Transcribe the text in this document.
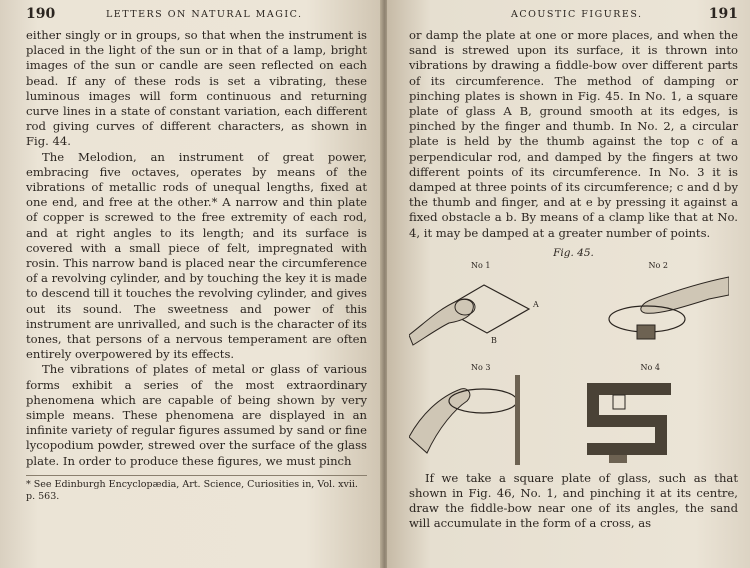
190	LETTERS ON NATURAL MAGIC.

either singly or in groups, so that when the instrument is placed in the light of the sun or in that of a lamp, bright images of the sun or candle are seen reflected on each bead. If any of these rods is set a vibrating, these luminous images will form continuous and returning curve lines in a state of constant variation, each different rod giving curves of different characters, as shown in Fig. 44.

The Melodion, an instrument of great power, embracing five octaves, operates by means of the vibrations of metallic rods of unequal lengths, fixed at one end, and free at the other.* A narrow and thin plate of copper is screwed to the free extremity of each rod, and at right angles to its length; and its surface is covered with a small piece of felt, impregnated with rosin. This narrow band is placed near the circumference of a revolving cylinder, and by touching the key it is made to descend till it touches the revolving cylinder, and gives out its sound. The sweetness and power of this instrument are unrivalled, and such is the character of its tones, that persons of a nervous temperament are often entirely overpowered by its effects.

The vibrations of plates of metal or glass of various forms exhibit a series of the most extraordinary phenomena which are capable of being shown by very simple means. These phenomena are displayed in an infinite variety of regular figures assumed by sand or fine lycopodium powder, strewed over the surface of the glass plate. In order to produce these figures, we must pinch

* See Edinburgh Encyclopædia, Art. Science, Curiosities in, Vol. xvii. p. 563.

ACOUSTIC FIGURES.	191

or damp the plate at one or more places, and when the sand is strewed upon its surface, it is thrown into vibrations by drawing a fiddle-bow over different parts of its circumference. The method of damping or pinching plates is shown in Fig. 45. In No. 1, a square plate of glass A B, ground smooth at its edges, is pinched by the finger and thumb. In No. 2, a circular plate is held by the thumb against the top c of a perpendicular rod, and damped by the fingers at two different points of its circumference. In No. 3 it is damped at three points of its circumference; c and d by the thumb and finger, and at e by pressing it against a fixed obstacle a b. By means of a clamp like that at No. 4, it may be damped at a greater number of points.

Fig. 45.
No 1
A
B
No 2
No 3	No 4

If we take a square plate of glass, such as that shown in Fig. 46, No. 1, and pinching it at its centre, draw the fiddle-bow near one of its angles, the sand will accumulate in the form of a cross, as
